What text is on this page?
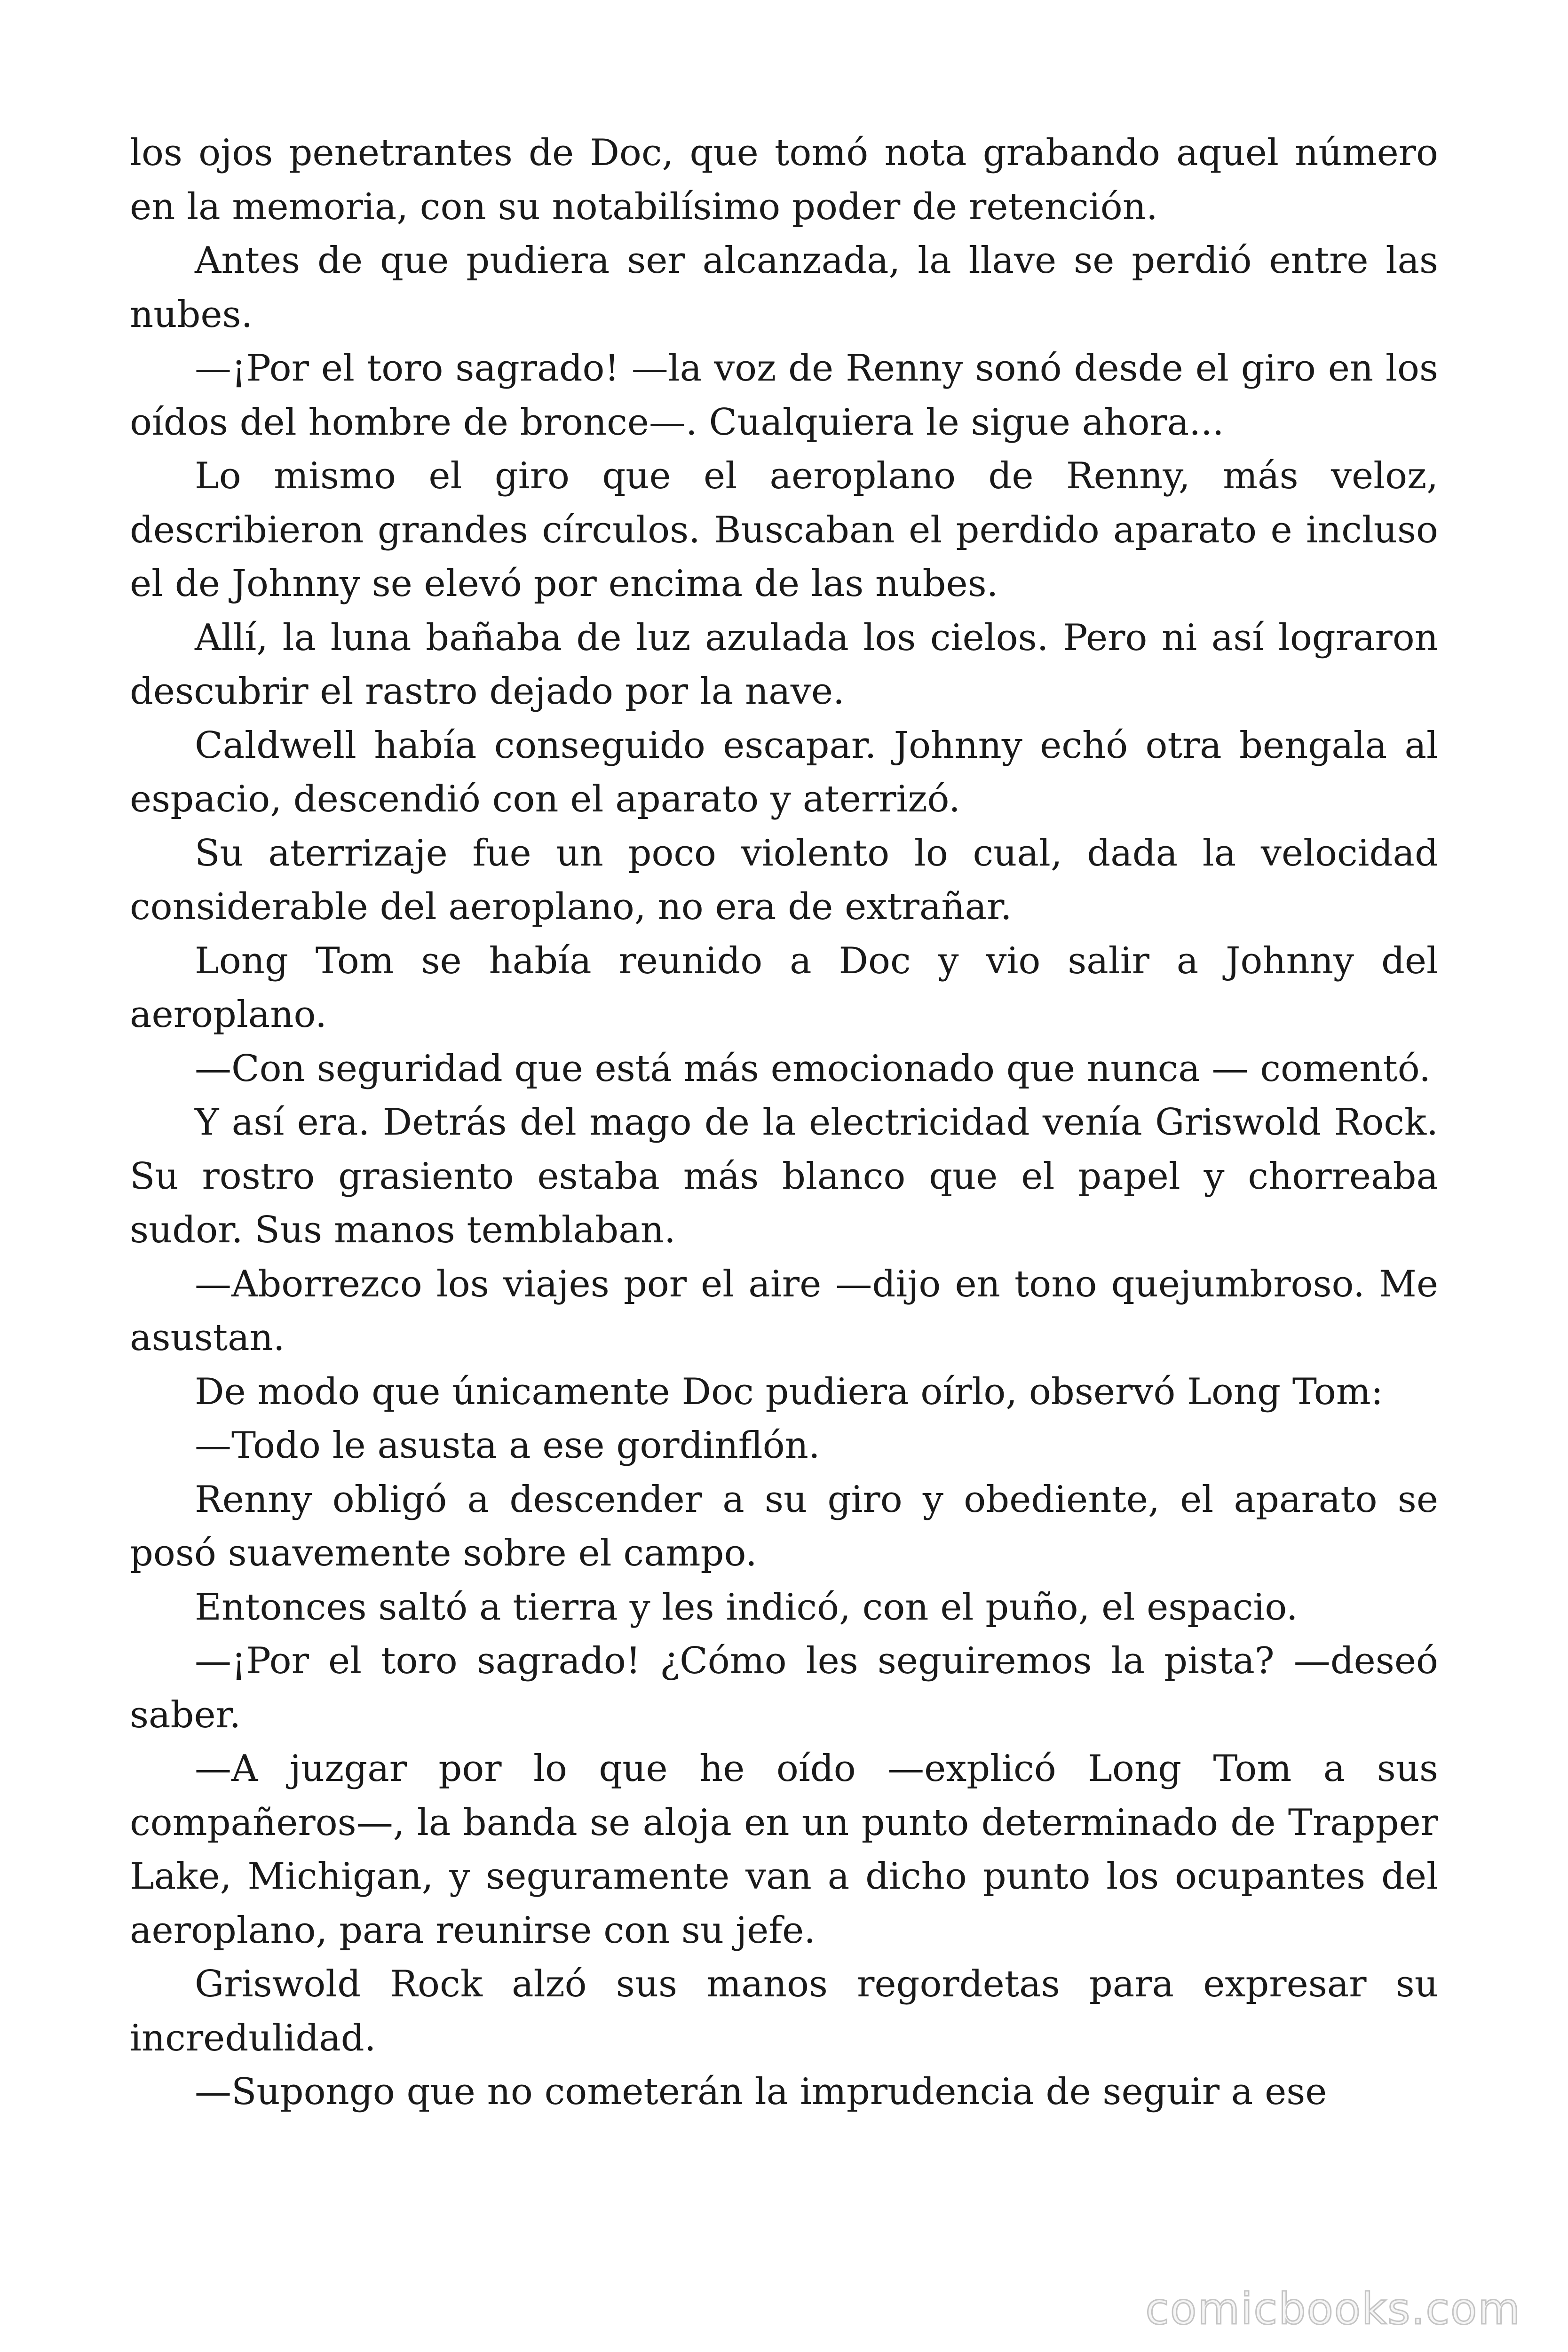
los ojos penetrantes de Doc, que tomó nota grabando aquel número en la memoria, con su notabilísimo poder de retención.

Antes de que pudiera ser alcanzada, la llave se perdió entre las nubes.

—¡Por el toro sagrado! —la voz de Renny sonó desde el giro en los oídos del hombre de bronce—. Cualquiera le sigue ahora...

Lo mismo el giro que el aeroplano de Renny, más veloz, describieron grandes círculos. Buscaban el perdido aparato e incluso el de Johnny se elevó por encima de las nubes.

Allí, la luna bañaba de luz azulada los cielos. Pero ni así lograron descubrir el rastro dejado por la nave.

Caldwell había conseguido escapar. Johnny echó otra bengala al espacio, descendió con el aparato y aterrizó.

Su aterrizaje fue un poco violento lo cual, dada la velocidad considerable del aeroplano, no era de extrañar.

Long Tom se había reunido a Doc y vio salir a Johnny del aeroplano.

—Con seguridad que está más emocionado que nunca — comentó.

Y así era. Detrás del mago de la electricidad venía Griswold Rock. Su rostro grasiento estaba más blanco que el papel y chorreaba sudor. Sus manos temblaban.

—Aborrezco los viajes por el aire —dijo en tono quejumbroso. Me asustan.

De modo que únicamente Doc pudiera oírlo, observó Long Tom:

—Todo le asusta a ese gordinflón.

Renny obligó a descender a su giro y obediente, el aparato se posó suavemente sobre el campo.

Entonces saltó a tierra y les indicó, con el puño, el espacio.

—¡Por el toro sagrado! ¿Cómo les seguiremos la pista? —deseó saber.

—A juzgar por lo que he oído —explicó Long Tom a sus compañeros—, la banda se aloja en un punto determinado de Trapper Lake, Michigan, y seguramente van a dicho punto los ocupantes del aeroplano, para reunirse con su jefe.

Griswold Rock alzó sus manos regordetas para expresar su incredulidad.

—Supongo que no cometerán la imprudencia de seguir a ese

comicbooks.com
